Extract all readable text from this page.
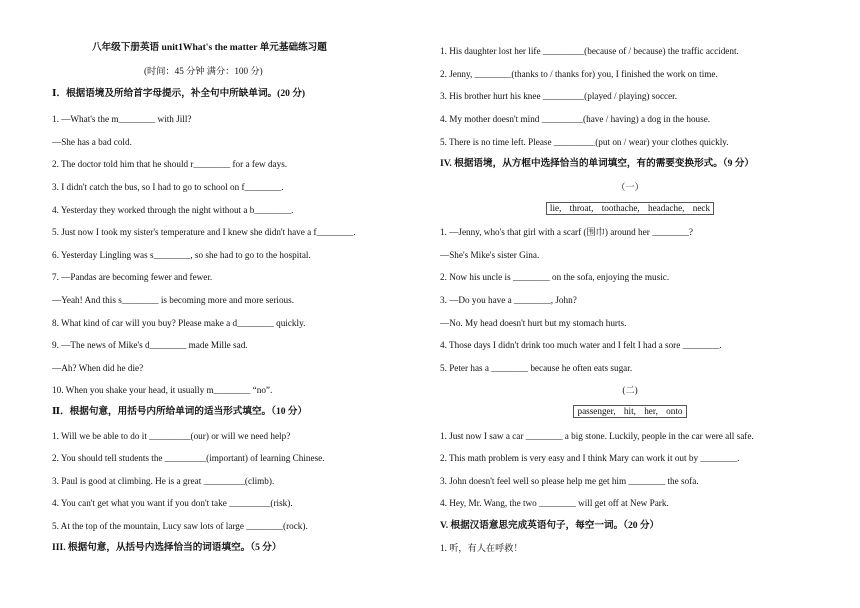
八年级下册英语 unit1What's the matter 单元基础练习题
(时间：45 分钟 满分：100 分)
Ⅰ．根据语境及所给首字母提示，补全句中所缺单词。(20 分)
1. —What's the m________ with Jill?
—She has a bad cold.
2. The doctor told him that he should r________ for a few days.
3. I didn't catch the bus, so I had to go to school on f________.
4. Yesterday they worked through the night without a b________.
5. Just now I took my sister's temperature and I knew she didn't have a f________.
6. Yesterday Lingling was s________, so she had to go to the hospital.
7. —Pandas are becoming fewer and fewer.
—Yeah! And this s________ is becoming more and more serious.
8. What kind of car will you buy? Please make a d________ quickly.
9. —The news of Mike's d________ made Mille sad.
—Ah? When did he die?
10. When you shake your head, it usually m________ “no”.
Ⅱ．根据句意，用括号内所给单词的适当形式填空。（10 分）
1. Will we be able to do it _________(our) or will we need help?
2. You should tell students the _________(important) of learning Chinese.
3. Paul is good at climbing. He is a great _________(climb).
4. You can't get what you want if you don't take _________(risk).
5. At the top of the mountain, Lucy saw lots of large ________(rock).
III. 根据句意，从括号内选择恰当的词语填空。（5 分）
1. His daughter lost her life _________(because of / because) the traffic accident.
2. Jenny, ________(thanks to / thanks for) you, I finished the work on time.
3. His brother hurt his knee _________(played / playing) soccer.
4. My mother doesn't mind _________(have / having) a dog in the house.
5. There is no time left. Please _________(put on / wear) your clothes quickly.
IV. 根据语境，从方框中选择恰当的单词填空，有的需要变换形式。（9 分）
（一）
lie, throat, toothache, headache, neck
1. —Jenny, who's that girl with a scarf (围巾) around her ________?
—She's Mike's sister Gina.
2. Now his uncle is ________ on the sofa, enjoying the music.
3. —Do you have a ________, John?
—No. My head doesn't hurt but my stomach hurts.
4. Those days I didn't drink too much water and I felt I had a sore ________.
5. Peter has a ________ because he often eats sugar.
(二)
passenger, hit, her, onto
1. Just now I saw a car ________ a big stone. Luckily, people in the car were all safe.
2. This math problem is very easy and I think Mary can work it out by ________.
3. John doesn't feel well so please help me get him ________ the sofa.
4. Hey, Mr. Wang, the two ________ will get off at New Park.
V. 根据汉语意思完成英语句子，每空一词。（20 分）
1. 听，有人在呼救！
